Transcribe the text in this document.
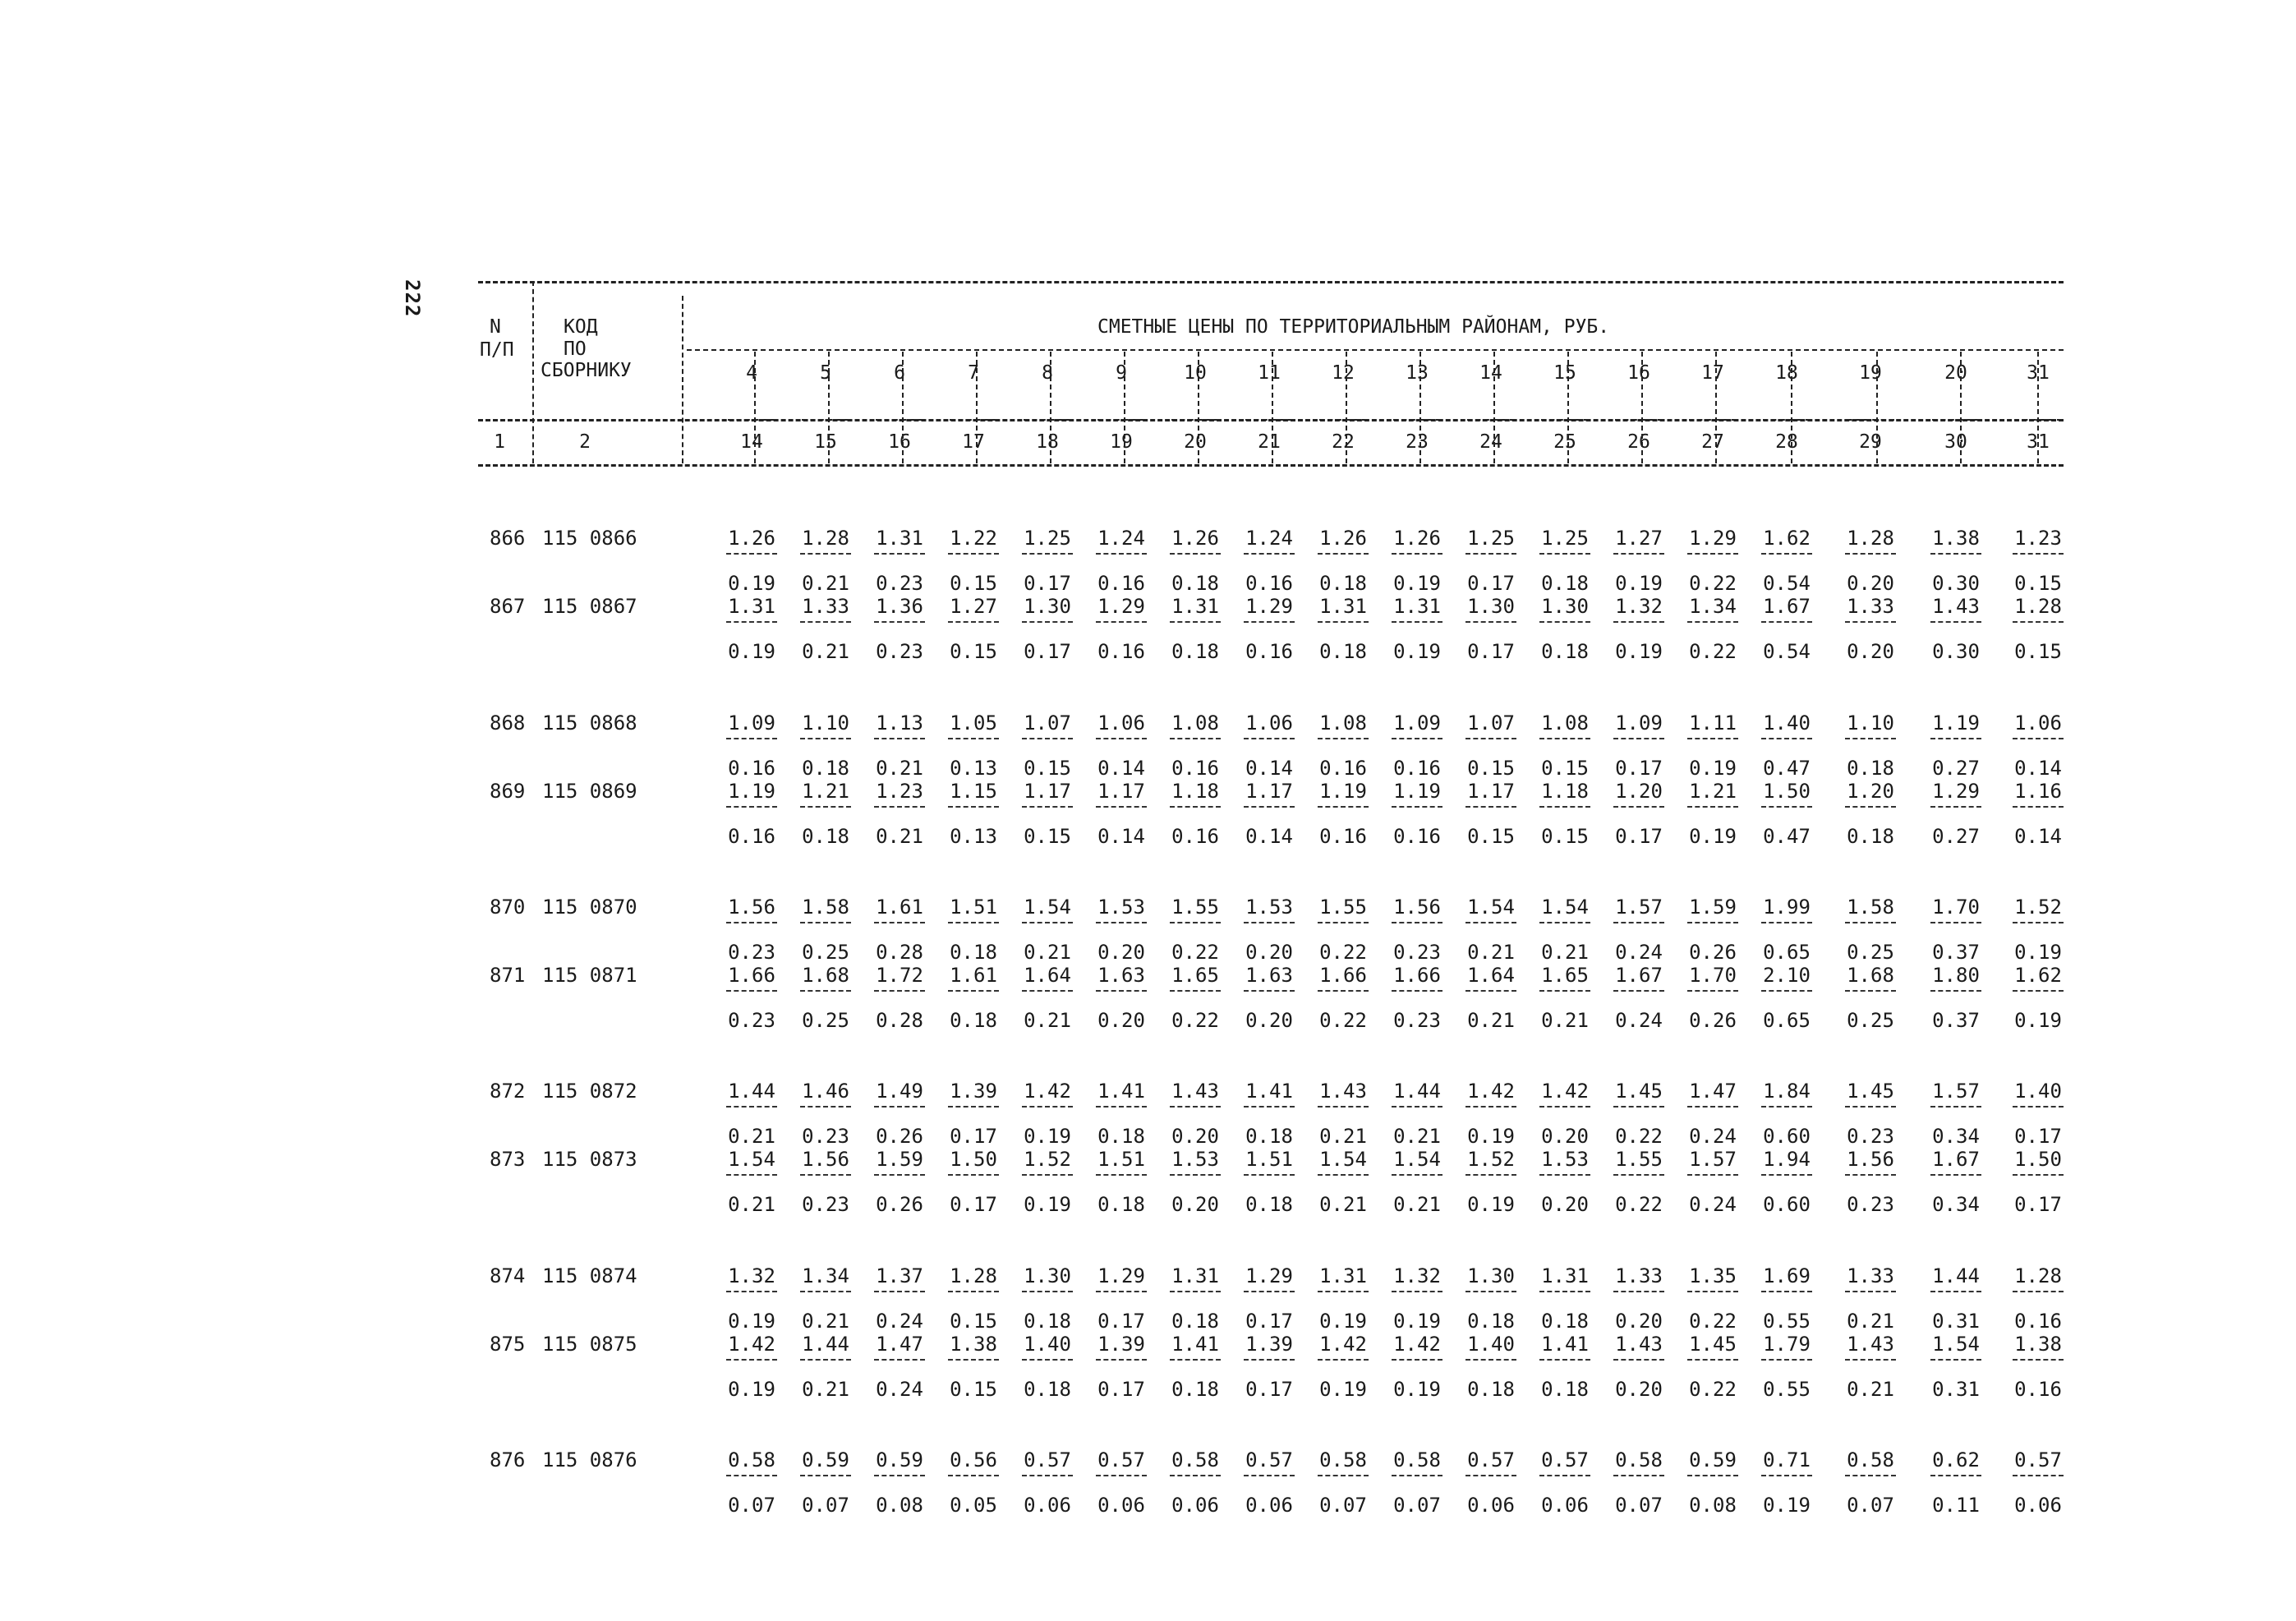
222
N
П/П
КОД
ПО
СБОРНИКУ
СМЕТНЫЕ ЦЕНЫ ПО ТЕРРИТОРИАЛЬНЫМ РАЙОНАМ, РУБ.
1	2
4	5	6	7	8	9	10	11	12	13	14	15	16	17	18	19	20	31
14	15	16	17	18	19	20	21	22	23	24	25	26	27	28	29	30	31
866 115 0866	1.26	1.28	1.31	1.22	1.25	1.24	1.26	1.24	1.26	1.26	1.25	1.25	1.27	1.29	1.62	1.28	1.38	1.23
0.19	0.21	0.23	0.15	0.17	0.16	0.18	0.16	0.18	0.19	0.17	0.18	0.19	0.22	0.54	0.20	0.30	0.15
867 115 0867	1.31	1.33	1.36	1.27	1.30	1.29	1.31	1.29	1.31	1.31	1.30	1.30	1.32	1.34	1.67	1.33	1.43	1.28
0.19	0.21	0.23	0.15	0.17	0.16	0.18	0.16	0.18	0.19	0.17	0.18	0.19	0.22	0.54	0.20	0.30	0.15
868 115 0868	1.09	1.10	1.13	1.05	1.07	1.06	1.08	1.06	1.08	1.09	1.07	1.08	1.09	1.11	1.40	1.10	1.19	1.06
0.16	0.18	0.21	0.13	0.15	0.14	0.16	0.14	0.16	0.16	0.15	0.15	0.17	0.19	0.47	0.18	0.27	0.14
869 115 0869	1.19	1.21	1.23	1.15	1.17	1.17	1.18	1.17	1.19	1.19	1.17	1.18	1.20	1.21	1.50	1.20	1.29	1.16
0.16	0.18	0.21	0.13	0.15	0.14	0.16	0.14	0.16	0.16	0.15	0.15	0.17	0.19	0.47	0.18	0.27	0.14
870 115 0870	1.56	1.58	1.61	1.51	1.54	1.53	1.55	1.53	1.55	1.56	1.54	1.54	1.57	1.59	1.99	1.58	1.70	1.52
0.23	0.25	0.28	0.18	0.21	0.20	0.22	0.20	0.22	0.23	0.21	0.21	0.24	0.26	0.65	0.25	0.37	0.19
871 115 0871	1.66	1.68	1.72	1.61	1.64	1.63	1.65	1.63	1.66	1.66	1.64	1.65	1.67	1.70	2.10	1.68	1.80	1.62
0.23	0.25	0.28	0.18	0.21	0.20	0.22	0.20	0.22	0.23	0.21	0.21	0.24	0.26	0.65	0.25	0.37	0.19
872 115 0872	1.44	1.46	1.49	1.39	1.42	1.41	1.43	1.41	1.43	1.44	1.42	1.42	1.45	1.47	1.84	1.45	1.57	1.40
0.21	0.23	0.26	0.17	0.19	0.18	0.20	0.18	0.21	0.21	0.19	0.20	0.22	0.24	0.60	0.23	0.34	0.17
873 115 0873	1.54	1.56	1.59	1.50	1.52	1.51	1.53	1.51	1.54	1.54	1.52	1.53	1.55	1.57	1.94	1.56	1.67	1.50
0.21	0.23	0.26	0.17	0.19	0.18	0.20	0.18	0.21	0.21	0.19	0.20	0.22	0.24	0.60	0.23	0.34	0.17
874 115 0874	1.32	1.34	1.37	1.28	1.30	1.29	1.31	1.29	1.31	1.32	1.30	1.31	1.33	1.35	1.69	1.33	1.44	1.28
0.19	0.21	0.24	0.15	0.18	0.17	0.18	0.17	0.19	0.19	0.18	0.18	0.20	0.22	0.55	0.21	0.31	0.16
875 115 0875	1.42	1.44	1.47	1.38	1.40	1.39	1.41	1.39	1.42	1.42	1.40	1.41	1.43	1.45	1.79	1.43	1.54	1.38
0.19	0.21	0.24	0.15	0.18	0.17	0.18	0.17	0.19	0.19	0.18	0.18	0.20	0.22	0.55	0.21	0.31	0.16
876 115 0876	0.58	0.59	0.59	0.56	0.57	0.57	0.58	0.57	0.58	0.58	0.57	0.57	0.58	0.59	0.71	0.58	0.62	0.57
0.07	0.07	0.08	0.05	0.06	0.06	0.06	0.06	0.07	0.07	0.06	0.06	0.07	0.08	0.19	0.07	0.11	0.06
